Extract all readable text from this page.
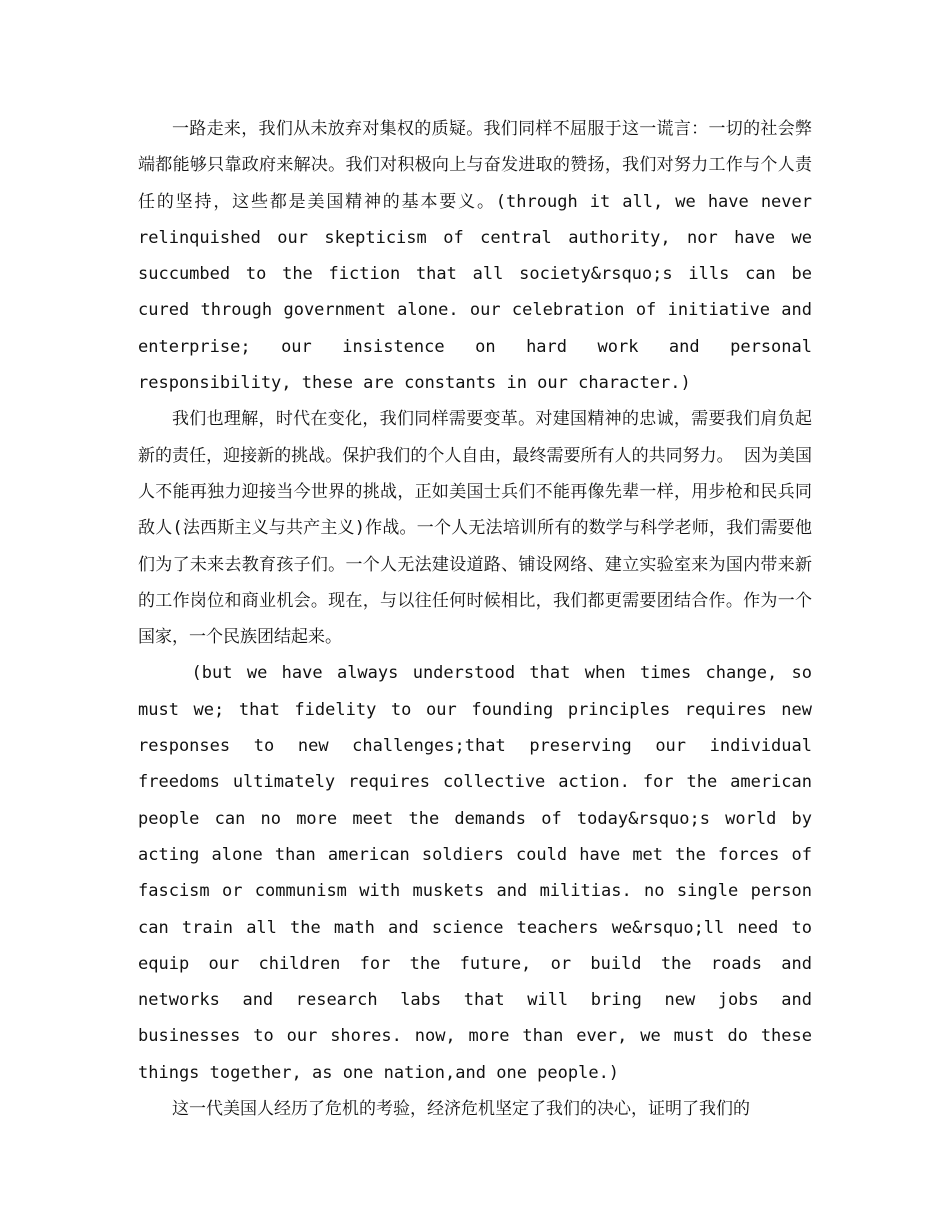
一路走来，我们从未放弃对集权的质疑。我们同样不屈服于这一谎言：一切的社会弊端都能够只靠政府来解决。我们对积极向上与奋发进取的赞扬，我们对努力工作与个人责任的坚持，这些都是美国精神的基本要义。(through it all, we have never relinquished our skepticism of central authority, nor have we succumbed to the fiction that all society&rsquo;s ills can be cured through government alone. our celebration of initiative and enterprise; our insistence on hard work and personal responsibility, these are constants in our character.)

我们也理解，时代在变化，我们同样需要变革。对建国精神的忠诚，需要我们肩负起新的责任，迎接新的挑战。保护我们的个人自由，最终需要所有人的共同努力。 因为美国人不能再独力迎接当今世界的挑战，正如美国士兵们不能再像先辈一样，用步枪和民兵同敌人(法西斯主义与共产主义)作战。一个人无法培训所有的数学与科学老师，我们需要他们为了未来去教育孩子们。一个人无法建设道路、铺设网络、建立实验室来为国内带来新的工作岗位和商业机会。现在，与以往任何时候相比，我们都更需要团结合作。作为一个国家，一个民族团结起来。

(but we have always understood that when times change, so must we; that fidelity to our founding principles requires new responses to new challenges;that preserving our individual freedoms ultimately requires collective action. for the american people can no more meet the demands of today&rsquo;s world by acting alone than american soldiers could have met the forces of fascism or communism with muskets and militias. no single person can train all the math and science teachers we&rsquo;ll need to equip our children for the future, or build the roads and networks and research labs that will bring new jobs and businesses to our shores. now, more than ever, we must do these things together, as one nation,and one people.)

这一代美国人经历了危机的考验，经济危机坚定了我们的决心，证明了我们的
